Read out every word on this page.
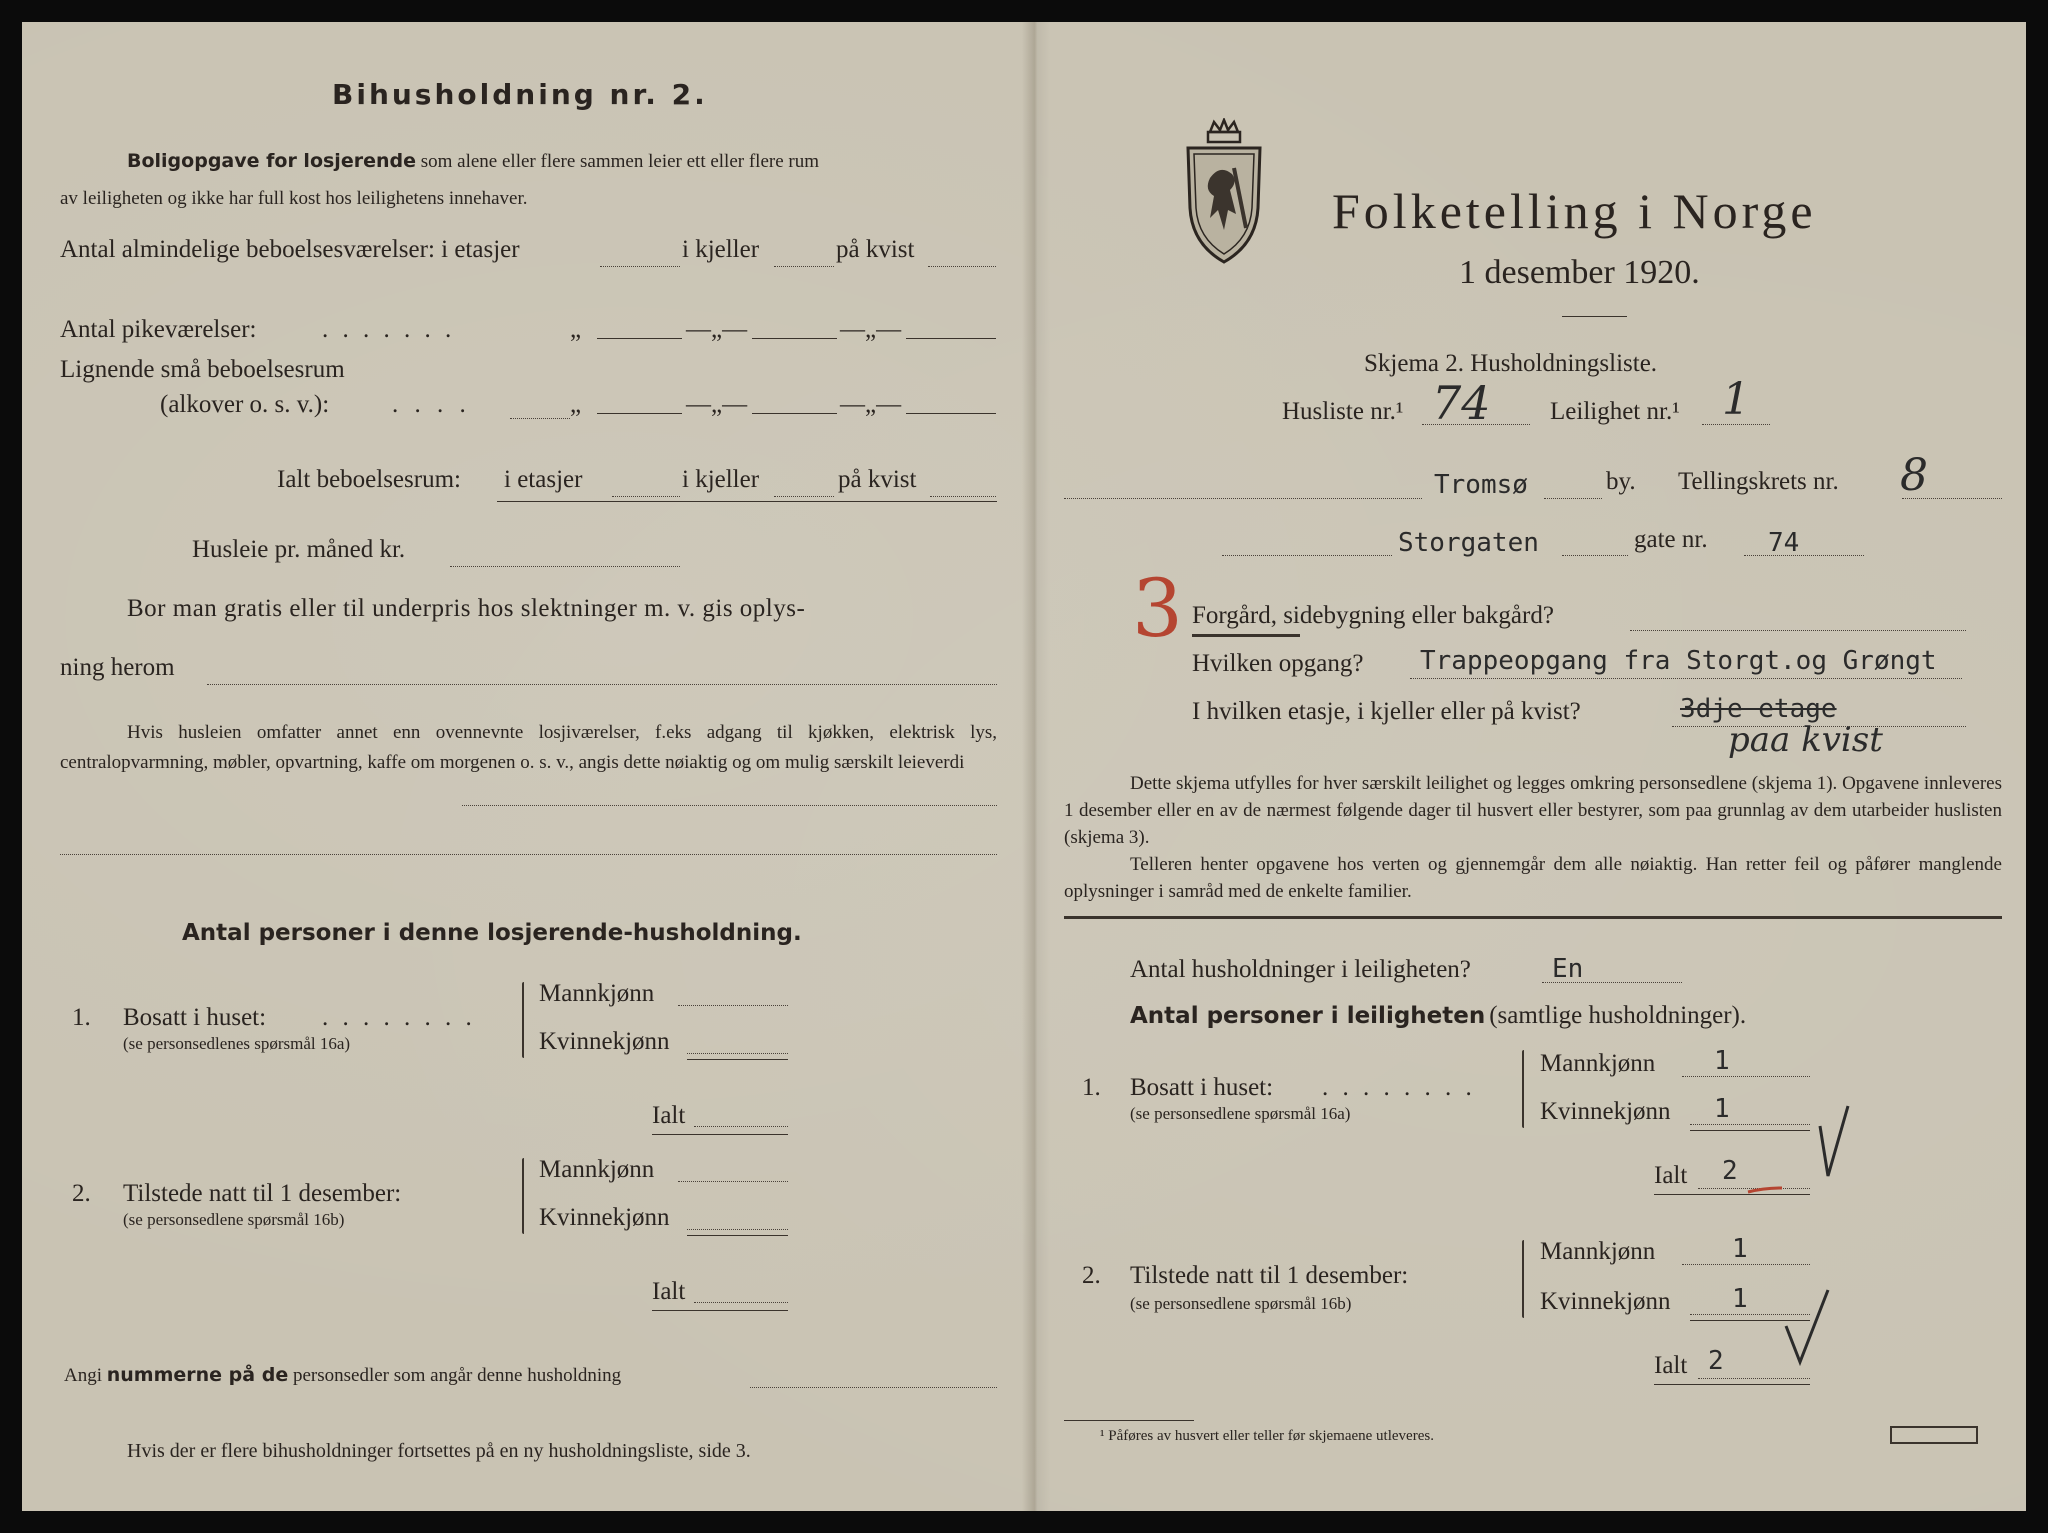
Bihusholdning nr. 2.
Boligopgave for losjerende som alene eller flere sammen leier ett eller flere rum
av leiligheten og ikke har full kost hos leilighetens innehaver.
Antal almindelige beboelsesværelser: i etasjer	i kjeller	på kvist
Antal pikeværelser:	. . . . . . .	„	—„—	—„—
Lignende små beboelsesrum
(alkover o. s. v.):	. . . .	„	—„—	—„—
Ialt beboelsesrum: i etasjer	i kjeller	på kvist
Husleie pr. måned kr.
Bor man gratis eller til underpris hos slektninger m. v. gis oplys-
ning herom
Hvis husleien omfatter annet enn ovennevnte losjiværelser, f.eks adgang til kjøkken, elektrisk lys, centralopvarmning, møbler, opvartning, kaffe om morgenen o. s. v., angis dette nøiaktig og om mulig særskilt leieverdi
Antal personer i denne losjerende-husholdning.
1. Bosatt i huset: . . . . . . . .
(se personsedlenes spørsmål 16a)
Mannkjønn
Kvinnekjønn
Ialt
2. Tilstede natt til 1 desember:
(se personsedlene spørsmål 16b)
Mannkjønn
Kvinnekjønn
Ialt
Angi nummerne på de personsedler som angår denne husholdning
Hvis der er flere bihusholdninger fortsettes på en ny husholdningsliste, side 3.
Folketelling i Norge
1 desember 1920.
Skjema 2. Husholdningsliste.
Husliste nr.¹ 74 Leilighet nr.¹ 1
Tromsø	by. Tellingskrets nr. 8
Storgaten	gate nr. 74
3 Forgård, sidebygning eller bakgård?
Hvilken opgang? Trappeopgang fra Storgt.og Grøngt
I hvilken etasje, i kjeller eller på kvist?	3dje etage
paa kvist
Dette skjema utfylles for hver særskilt leilighet og legges omkring personsedlene (skjema 1). Opgavene innleveres 1 desember eller en av de nærmest følgende dager til husvert eller bestyrer, som paa grunnlag av dem utarbeider huslisten (skjema 3).
Telleren henter opgavene hos verten og gjennemgår dem alle nøiaktig. Han retter feil og påfører manglende oplysninger i samråd med de enkelte familier.
Antal husholdninger i leiligheten?	En
Antal personer i leiligheten (samtlige husholdninger).
1. Bosatt i huset: . . . . . . . .
(se personsedlene spørsmål 16a)
Mannkjønn 1
Kvinnekjønn 1
Ialt 2
2. Tilstede natt til 1 desember:
(se personsedlene spørsmål 16b)
Mannkjønn	1
Kvinnekjønn 1
Ialt 2
¹ Påføres av husvert eller teller før skjemaene utleveres.
